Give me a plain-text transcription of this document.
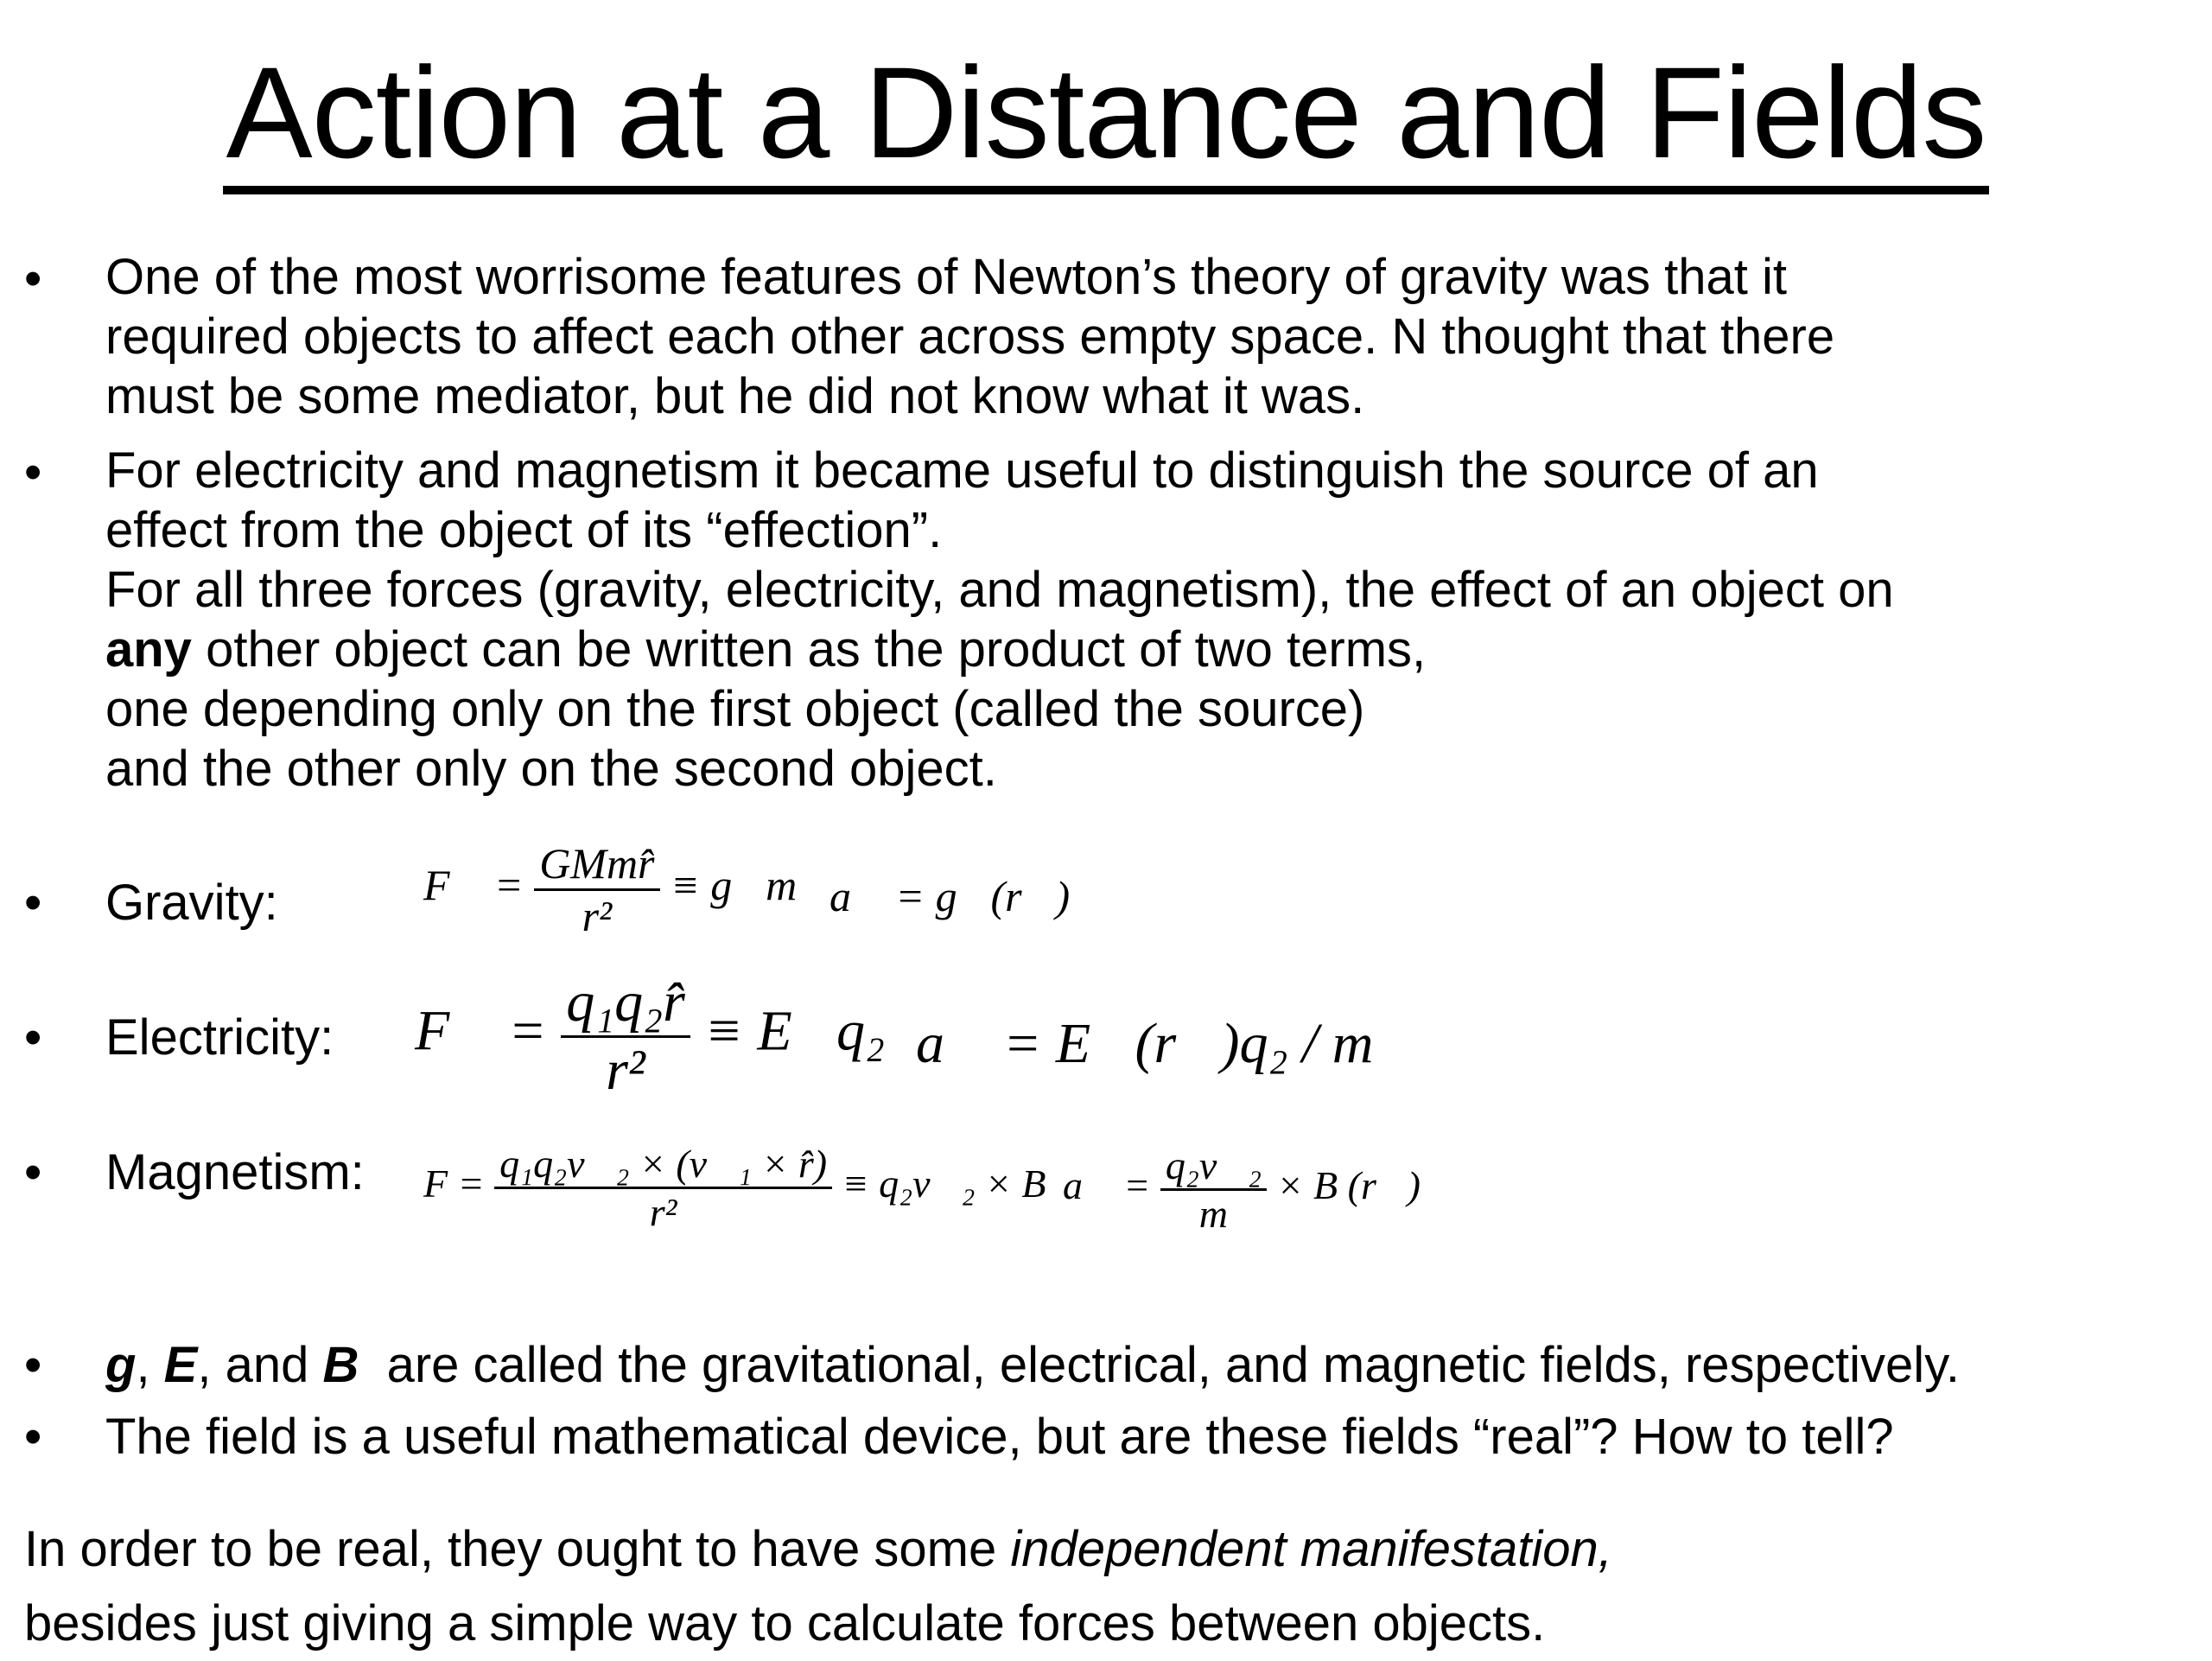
Action at a Distance and Fields
• One of the most worrisome features of Newton’s theory of gravity was that it
required objects to affect each other across empty space. N thought that there
must be some mediator, but he did not know what it was.
• For electricity and magnetism it became useful to distinguish the source of an
effect from the object of its “effection”.
For all three forces (gravity, electricity, and magnetism), the effect of an object on
any other object can be written as the product of two terms,
one depending only on the first object (called the source)
and the other only on the second object.
• Gravity:	F⃗ = $\frac{\text{GMmr̂}}{\text{r²}}$ ≡ g⃗m a⃗ = g⃗(r⃗)
• Electricity: F⃗ = $\frac{\text{q₁q₂r̂}}{\text{r²}}$ ≡ E⃗q₂ a⃗ = E⃗(r⃗)q₂ / m
• Magnetism: $F = \frac{\text{q₁q₂v⃗₂ × (v⃗₁ × r̂)}}{\text{r²}}$ ≡ q₂v⃗₂ × B a⃗ = $\frac{\text{q₂v⃗₂}}{m} \times B$ (r⃗)
• g, E, and B  are called the gravitational, electrical, and magnetic fields, respectively.
• The field is a useful mathematical device, but are these fields “real”? How to tell?
In order to be real, they ought to have some independent manifestation,
besides just giving a simple way to calculate forces between objects.
